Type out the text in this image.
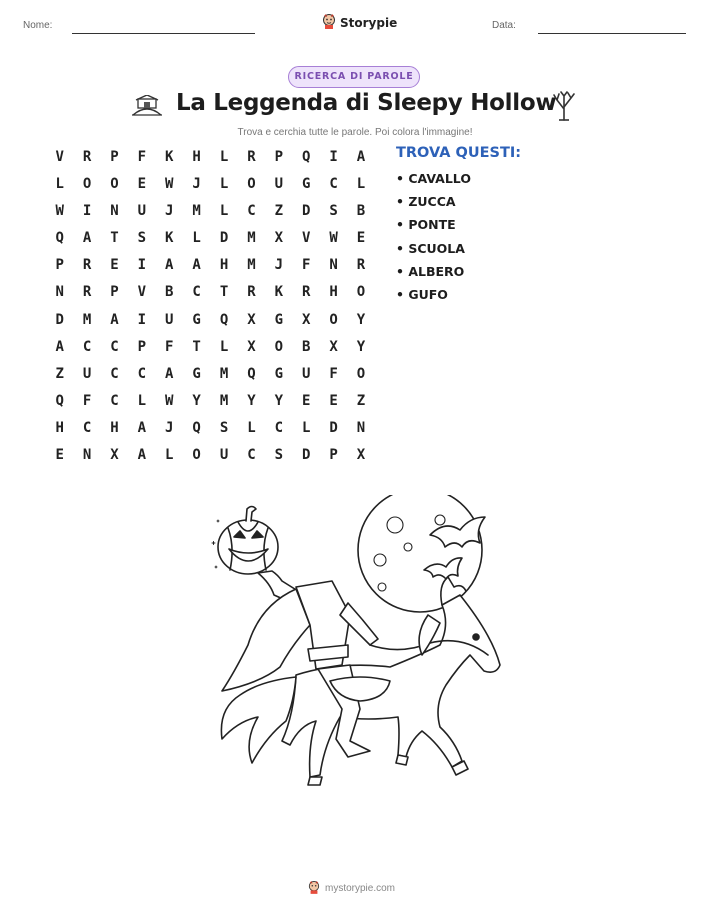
Nome:	Storypie	Data:
RICERCA DI PAROLE
La Leggenda di Sleepy Hollow
Trova e cerchia tutte le parole. Poi colora l'immagine!
V	R	P	F	K	H	L	R	P	Q	I	A
L	O	O	E	W	J	L	O	U	G	C	L
W	I	N	U	J	M	L	C	Z	D	S	B
Q	A	T	S	K	L	D	M	X	V	W	E
P	R	E	I	A	A	H	M	J	F	N	R
N	R	P	V	B	C	T	R	K	R	H	O
D	M	A	I	U	G	Q	X	G	X	O	Y
A	C	C	P	F	T	L	X	O	B	X	Y
Z	U	C	C	A	G	M	Q	G	U	F	O
Q	F	C	L	W	Y	M	Y	Y	E	E	Z
H	C	H	A	J	Q	S	L	C	L	D	N
E	N	X	A	L	O	U	C	S	D	P	X
TROVA QUESTI:
• CAVALLO
• ZUCCA
• PONTE
• SCUOLA
• ALBERO
• GUFO
mystorypie.com
